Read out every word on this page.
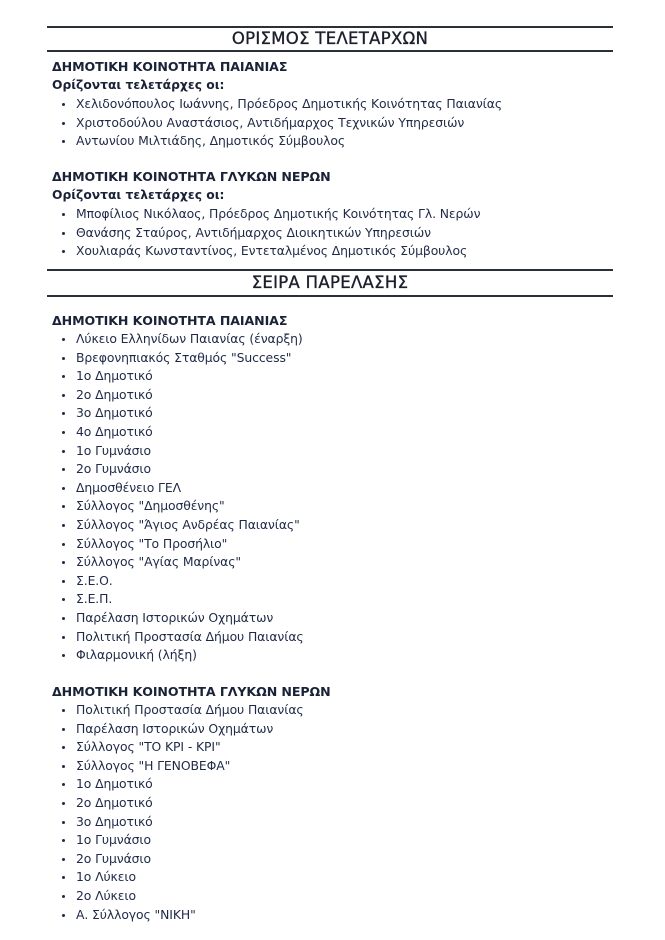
ΟΡΙΣΜΟΣ ΤΕΛΕΤΑΡΧΩΝ
ΔΗΜΟΤΙΚΗ ΚΟΙΝΟΤΗΤΑ ΠΑΙΑΝΙΑΣ
Ορίζονται τελετάρχες οι:
Χελιδονόπουλος Ιωάννης, Πρόεδρος Δημοτικής Κοινότητας Παιανίας
Χριστοδούλου Αναστάσιος, Αντιδήμαρχος Τεχνικών Υπηρεσιών
Αντωνίου Μιλτιάδης, Δημοτικός Σύμβουλος
ΔΗΜΟΤΙΚΗ ΚΟΙΝΟΤΗΤΑ ΓΛΥΚΩΝ ΝΕΡΩΝ
Ορίζονται τελετάρχες οι:
Μποφίλιος Νικόλαος, Πρόεδρος Δημοτικής Κοινότητας Γλ. Νερών
Θανάσης Σταύρος, Αντιδήμαρχος Διοικητικών Υπηρεσιών
Χουλιαράς Κωνσταντίνος, Εντεταλμένος Δημοτικός Σύμβουλος
ΣΕΙΡΑ ΠΑΡΕΛΑΣΗΣ
ΔΗΜΟΤΙΚΗ ΚΟΙΝΟΤΗΤΑ ΠΑΙΑΝΙΑΣ
Λύκειο Ελληνίδων Παιανίας (έναρξη)
Βρεφονηπιακός Σταθμός "Success"
1ο Δημοτικό
2ο Δημοτικό
3ο Δημοτικό
4ο Δημοτικό
1ο Γυμνάσιο
2ο Γυμνάσιο
Δημοσθένειο ΓΕΛ
Σύλλογος "Δημοσθένης"
Σύλλογος "Άγιος Ανδρέας Παιανίας"
Σύλλογος "Το Προσήλιο"
Σύλλογος "Αγίας Μαρίνας"
Σ.Ε.Ο.
Σ.Ε.Π.
Παρέλαση Ιστορικών Οχημάτων
Πολιτική Προστασία Δήμου Παιανίας
Φιλαρμονική (λήξη)
ΔΗΜΟΤΙΚΗ ΚΟΙΝΟΤΗΤΑ ΓΛΥΚΩΝ ΝΕΡΩΝ
Πολιτική Προστασία Δήμου Παιανίας
Παρέλαση Ιστορικών Οχημάτων
Σύλλογος "ΤΟ ΚΡΙ - ΚΡΙ"
Σύλλογος "Η ΓΕΝΟΒΕΦΑ"
1ο Δημοτικό
2ο Δημοτικό
3ο Δημοτικό
1ο Γυμνάσιο
2ο Γυμνάσιο
1ο Λύκειο
2ο Λύκειο
Α. Σύλλογος "ΝΙΚΗ"
